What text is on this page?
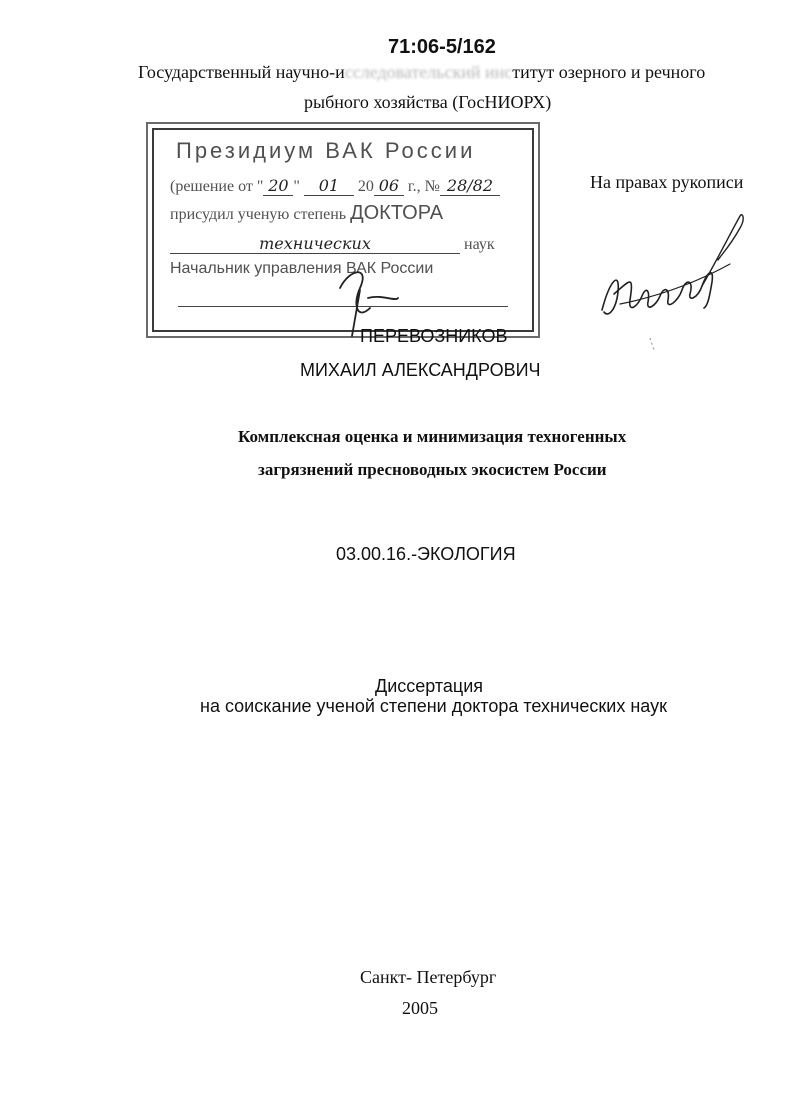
71:06-5/162
Государственный научно-исследовательский институт озерного и речного
рыбного хозяйства (ГосНИОРХ)
Президиум ВАК России
(решение от " 20 " 01 20 06 г., № 28/82
присудил ученую степень ДОКТОРА
технических	наук
Начальник управления ВАК России
На правах рукописи
ПЕРЕВОЗНИКОВ
МИХАИЛ АЛЕКСАНДРОВИЧ
Комплексная оценка и минимизация техногенных
загрязнений пресноводных экосистем России
03.00.16.-ЭКОЛОГИЯ
Диссертация
на соискание ученой степени доктора технических наук
Санкт- Петербург
2005
